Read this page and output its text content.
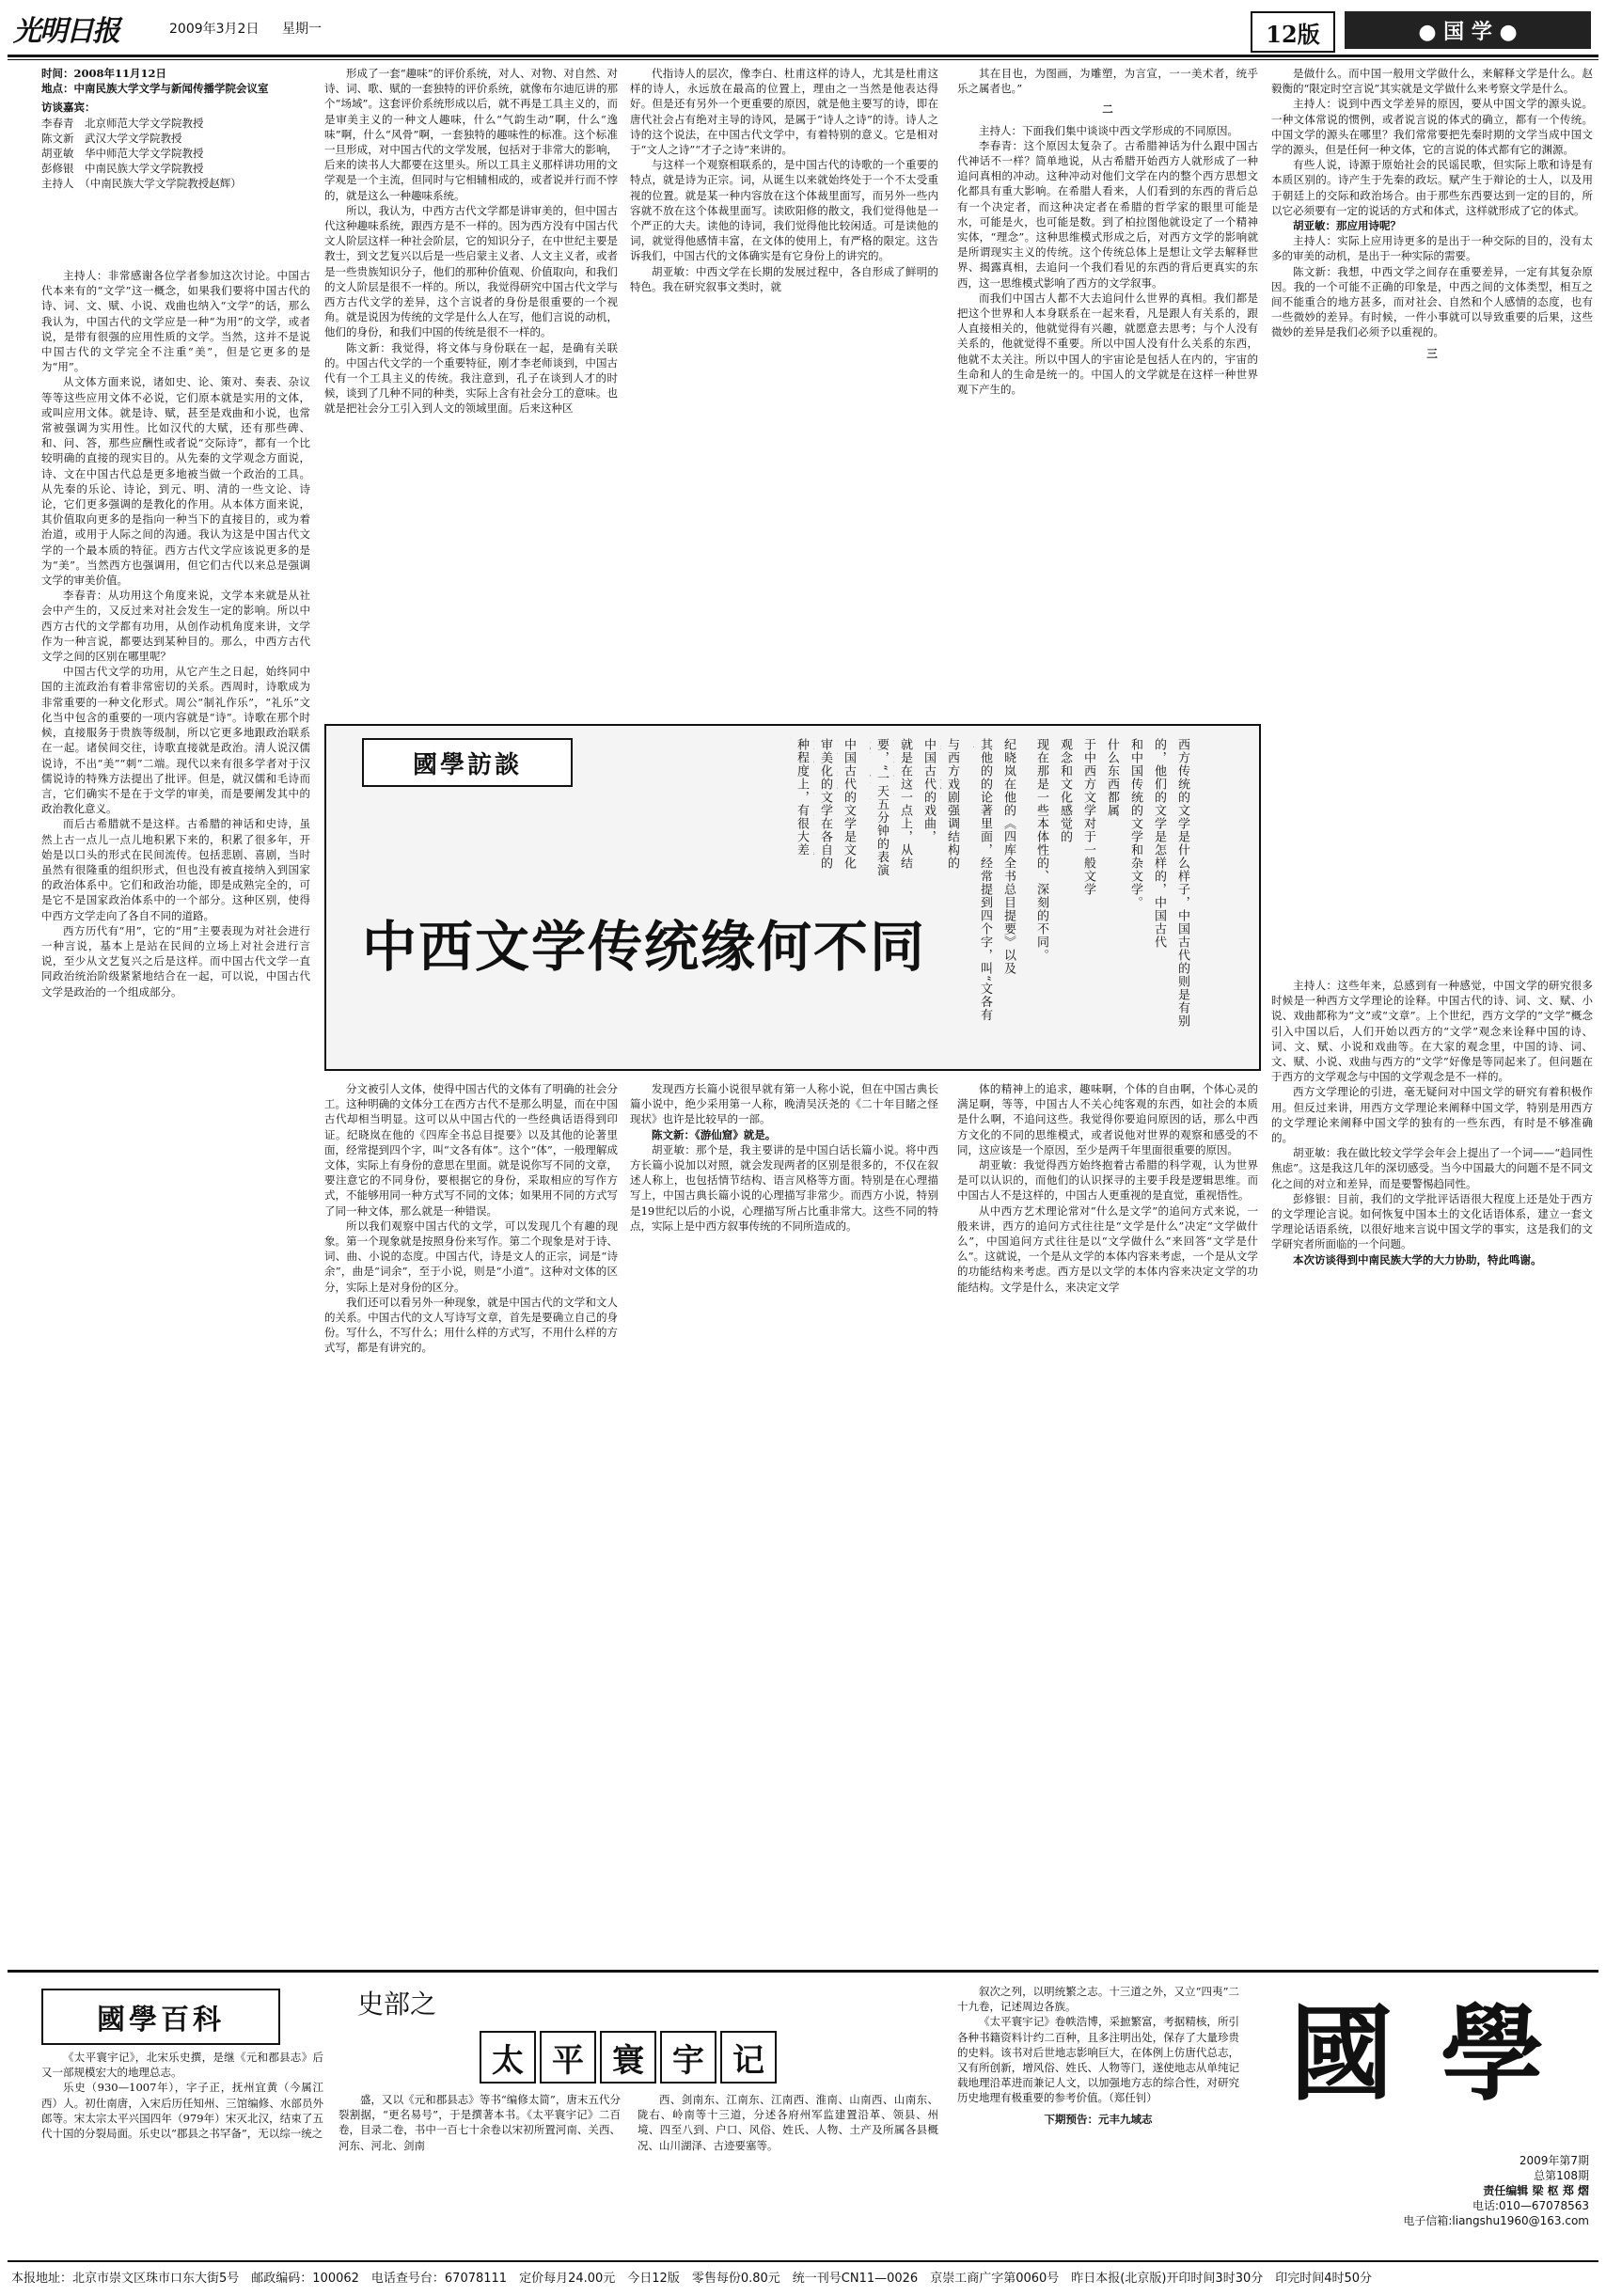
光明日报	2009年3月2日 星期一	12版	● 国 学 ●
时间：2008年11月12日
地点：中南民族大学文学与新闻传播学院会议室
访谈嘉宾：
李春青　北京师范大学文学院教授
陈文新　武汉大学文学院教授
胡亚敏　华中师范大学文学院教授
彭修银　中南民族大学文学院教授
主持人　（中南民族大学文学院教授赵辉）

主持人：非常感谢各位学者参加这次讨论。中国古代本来有的“文学”这一概念，如果我们要将中国古代的诗、词、文、赋、小说、戏曲也纳入“文学”的话，那么我认为，中国古代的文学应是一种“为用”的文学，或者说，是带有很强的应用性质的文学。当然，这并不是说中国古代的文学完全不注重“美”，但是它更多的是为“用”。

从文体方面来说，诸如史、论、策对、奏表、杂议等等这些应用文体不必说，它们原本就是实用的文体，或叫应用文体。就是诗、赋，甚至是戏曲和小说，也常常被强调为实用性。比如汉代的大赋，还有那些碑、和、问、答，那些应酬性或者说“交际诗”，都有一个比较明确的直接的现实目的。从先秦的文学观念方面说，诗、文在中国古代总是更多地被当做一个政治的工具。从先秦的乐论、诗论，到元、明、清的一些文论、诗论，它们更多强调的是教化的作用。从本体方面来说，其价值取向更多的是指向一种当下的直接目的，或为着治道，或用于人际之间的沟通。我认为这是中国古代文学的一个最本质的特征。西方古代文学应该说更多的是为“美”。当然西方也强调用，但它们古代以来总是强调文学的审美价值。

李春青：从功用这个角度来说，文学本来就是从社会中产生的，又反过来对社会发生一定的影响。所以中西方古代的文学都有功用，从创作动机角度来讲，文学作为一种言说，都要达到某种目的。那么，中西方古代文学之间的区别在哪里呢？

中国古代文学的功用，从它产生之日起，始终同中国的主流政治有着非常密切的关系。西周时，诗歌成为非常重要的一种文化形式。周公“制礼作乐”，“礼乐”文化当中包含的重要的一项内容就是“诗”。诗歌在那个时候，直接服务于贵族等级制，所以它更多地跟政治联系在一起。诸侯间交往，诗歌直接就是政治。清人说汉儒说诗，不出“美”“刺”二端。现代以来有很多学者对于汉儒说诗的特殊方法提出了批评。但是，就汉儒和毛诗而言，它们确实不是在于文学的审美，而是要阐发其中的政治教化意义。

而后古希腊就不是这样。古希腊的神话和史诗，虽然上古一点儿一点儿地积累下来的，积累了很多年，开始是以口头的形式在民间流传。包括悲剧、喜剧，当时虽然有很隆重的组织形式，但也没有被直接纳入到国家的政治体系中。它们和政治功能，即是成熟完全的，可是它不是国家政治体系中的一个部分。这种区别，使得中西方文学走向了各自不同的道路。

西方历代有“用”，它的“用”主要表现为对社会进行一种言说，基本上是站在民间的立场上对社会进行言说，至少从文艺复兴之后是这样。而中国古代文学一直同政治统治阶级紧紧地结合在一起，可以说，中国古代文学是政治的一个组成部分。

形成了一套“趣味”的评价系统，对人、对物、对自然、对诗、词、歌、赋的一套独特的评价系统，就像布尔迪厄讲的那个“场域”。这套评价系统形成以后，就不再是工具主义的，而是审美主义的一种文人趣味，什么“气韵生动”啊，什么“逸味”啊，什么“风骨”啊，一套独特的趣味性的标准。这个标准一旦形成，对中国古代的文学发展，包括对于非常大的影响，后来的读书人大都要在这里头。所以工具主义那样讲功用的文学观是一个主流，但同时与它相辅相成的，或者说并行而不悖的，就是这么一种趣味系统。

所以，我认为，中西方古代文学都是讲审美的，但中国古代这种趣味系统，跟西方是不一样的。因为西方没有中国古代文人阶层这样一种社会阶层，它的知识分子，在中世纪主要是教士，到文艺复兴以后是一些启蒙主义者、人文主义者，或者是一些贵族知识分子，他们的那种价值观、价值取向，和我们的文人阶层是很不一样的。所以，我觉得研究中国古代文学与西方古代文学的差异，这个言说者的身份是很重要的一个视角。就是说因为传统的文学是什么人在写，他们言说的动机，他们的身份，和我们中国的传统是很不一样的。

陈文新：我觉得，将文体与身份联在一起，是确有关联的。中国古代文学的一个重要特征，刚才李老师谈到，中国古代有一个工具主义的传统。我注意到，孔子在谈到人才的时候，谈到了几种不同的种类，实际上含有社会分工的意味。也就是把社会分工引入到人文的领域里面。后来这种区

代指诗人的层次，像李白、杜甫这样的诗人，尤其是杜甫这样的诗人，永远放在最高的位置上，理由之一当然是他表达得好。但是还有另外一个更重要的原因，就是他主要写的诗，即在唐代社会占有绝对主导的诗风，是属于“诗人之诗”的诗。诗人之诗的这个说法，在中国古代文学中，有着特别的意义。它是相对于“文人之诗”“才子之诗”来讲的。

与这样一个观察相联系的，是中国古代的诗歌的一个重要的特点，就是诗为正宗。词，从诞生以来就始终处于一个不太受重视的位置。就是某一种内容放在这个体裁里面写，而另外一些内容就不放在这个体裁里面写。读欧阳修的散文，我们觉得他是一个严正的大夫。读他的诗词，我们觉得他比较闲适。可是读他的词，就觉得他感情丰富，在文体的使用上，有严格的限定。这告诉我们，中国古代的文体确实是有它身份上的讲究的。

胡亚敏：中西文学在长期的发展过程中，各自形成了鲜明的特色。我在研究叙事文类时，就

其在目也，为图画，为雕塑，为言宣，一一美术者，统乎乐之属者也。”

二

主持人：下面我们集中谈谈中西文学形成的不同原因。

李春青：这个原因太复杂了。古希腊神话为什么跟中国古代神话不一样？简单地说，从古希腊开始西方人就形成了一种追问真相的冲动。这种冲动对他们文学在内的整个西方思想文化都具有重大影响。在希腊人看来，人们看到的东西的背后总有一个决定者，而这种决定者在希腊的哲学家的眼里可能是水，可能是火，也可能是数。到了柏拉图他就设定了一个精神实体，“理念”。这种思维模式形成之后，对西方文学的影响就是所谓现实主义的传统。这个传统总体上是想让文学去解释世界、揭露真相，去追问一个我们看见的东西的背后更真实的东西，这一思维模式影响了西方的文学叙事。

而我们中国古人都不大去追问什么世界的真相。我们都是把这个世界和人本身联系在一起来看，凡是跟人有关系的，跟人直接相关的，他就觉得有兴趣，就愿意去思考；与个人没有关系的，他就觉得不重要。所以中国人没有什么关系的东西，他就不太关注。所以中国人的宇宙论是包括人在内的，宇宙的生命和人的生命是统一的。中国人的文学就是在这样一种世界观下产生的。

是做什么。而中国一般用文学做什么，来解释文学是什么。赵毅衡的“限定时空言说”其实就是文学做什么来考察文学是什么。

主持人：说到中西文学差异的原因，要从中国文学的源头说。一种文体常说的惯例，或者说言说的体式的确立，都有一个传统。中国文学的源头在哪里？我们常常要把先秦时期的文学当成中国文学的源头，但是任何一种文体，它的言说的体式都有它的渊源。

有些人说，诗源于原始社会的民谣民歌，但实际上歌和诗是有本质区别的。诗产生于先秦的政坛。赋产生于辩论的士人，以及用于朝廷上的交际和政治场合。由于那些东西要达到一定的目的，所以它必须要有一定的说话的方式和体式，这样就形成了它的体式。

胡亚敏：那应用诗呢？

主持人：实际上应用诗更多的是出于一种交际的目的，没有太多的审美的动机，是出于一种实际的需要。

陈文新：我想，中西文学之间存在重要差异，一定有其复杂原因。我的一个可能不正确的印象是，中西之间的文体类型，相互之间不能重合的地方甚多，而对社会、自然和个人感情的态度，也有一些微妙的差异。有时候，一件小事就可以导致重要的后果，这些微妙的差异是我们必须予以重视的。

三

主持人：这些年来，总感到有一种感觉，中国文学的研究很多时候是一种西方文学理论的诠释。中国古代的诗、词、文、赋、小说、戏曲都称为“文”或“文章”。上个世纪，西方文学的“文学”概念引入中国以后，人们开始以西方的“文学”观念来诠释中国的诗、词、文、赋、小说和戏曲等。在大家的观念里，中国的诗、词、文、赋、小说、戏曲与西方的“文学”好像是等同起来了。但问题在于西方的文学观念与中国的文学观念是不一样的。

西方文学理论的引进，毫无疑问对中国文学的研究有着积极作用。但反过来讲，用西方文学理论来阐释中国文学，特别是用西方的文学理论来阐释中国文学的独有的一些东西，有时是不够准确的。

胡亚敏：我在做比较文学学会年会上提出了一个词——“趋同性焦虑”。这是我这几年的深切感受。当今中国最大的问题不是不同文化之间的对立和差异，而是要警惕趋同性。

彭修银：目前，我们的文学批评话语很大程度上还是处于西方的文学理论言说。如何恢复中国本土的文化话语体系，建立一套文学理论话语系统，以很好地来言说中国文学的事实，这是我们的文学研究者所面临的一个问题。

本次访谈得到中南民族大学的大力协助，特此鸣谢。

國學訪談
中西文学传统缘何不同	西方传统的文学是什么样子，中国古代的则是有别
的，他们的文学是怎样的，中国古代
和中国传统的文学和杂文学。
什么东西都属
于中西方文学对于一般文学
观念和文化感觉的
现在那是一些本体性的、深刻的不同。
纪晓岚在他的《四库全书总目提要》以及
其他的的论著里面，经常提到四个字，叫“文各有
与西方戏剧强调结构的
中国古代的戏曲，
就是在这一点上，从结
要，“一天五分钟的表演
中国古代的文学是文化
审美化的文学在各自的
种程度上，有很大差

分文被引人文体，使得中国古代的文体有了明确的社会分工。这种明确的文体分工在西方古代不是那么明显，而在中国古代却相当明显。这可以从中国古代的一些经典话语得到印证。纪晓岚在他的《四库全书总目提要》以及其他的论著里面，经常提到四个字，叫“文各有体”。这个“体”，一般理解成文体，实际上有身份的意思在里面。就是说你写不同的文章，要注意它的不同身份，要根据它的身份，采取相应的写作方式，不能够用同一种方式写不同的文体；如果用不同的方式写了同一种文体，那么就是一种错误。

所以我们观察中国古代的文学，可以发现几个有趣的现象。第一个现象就是按照身份来写作。第二个现象是对于诗、词、曲、小说的态度。中国古代，诗是文人的正宗，词是“诗余”，曲是“词余”，至于小说，则是“小道”。这种对文体的区分，实际上是对身份的区分。

我们还可以看另外一种现象，就是中国古代的文学和文人的关系。中国古代的文人写诗写文章，首先是要确立自己的身份。写什么，不写什么；用什么样的方式写，不用什么样的方式写，都是有讲究的。

发现西方长篇小说很早就有第一人称小说，但在中国古典长篇小说中，绝少采用第一人称，晚清吴沃尧的《二十年目睹之怪现状》也许是比较早的一部。

陈文新：《游仙窟》就是。

胡亚敏：那个是，我主要讲的是中国白话长篇小说。将中西方长篇小说加以对照，就会发现两者的区别是很多的，不仅在叙述人称上，也包括情节结构、语言风格等方面。特别是在心理描写上，中国古典长篇小说的心理描写非常少。而西方小说，特别是19世纪以后的小说，心理描写所占比重非常大。这些不同的特点，实际上是中西方叙事传统的不同所造成的。

体的精神上的追求，趣味啊，个体的自由啊，个体心灵的满足啊，等等，中国古人不关心纯客观的东西，如社会的本质是什么啊，不追问这些。我觉得你要追问原因的话，那么中西方文化的不同的思维模式，或者说他对世界的观察和感受的不同，这应该是一个原因，至少是两千年里面很重要的原因。

胡亚敏：我觉得西方始终抱着古希腊的科学观，认为世界是可以认识的，而他们的认识探寻的主要手段是逻辑思维。而中国古人不是这样的，中国古人更重视的是直觉，重视悟性。

从中西方艺术理论常对“什么是文学”的追问方式来说，一般来讲，西方的追问方式往往是“文学是什么”决定“文学做什么”，中国追问方式往往是以“文学做什么”来回答“文学是什么”。这就说，一个是从文学的本体内容来考虑，一个是从文学的功能结构来考虑。西方是以文学的本体内容来决定文学的功能结构。文学是什么，来决定文学

國學百科	史部之
太 平 寰 宇 记

《太平寰宇记》，北宋乐史撰，是继《元和郡县志》后又一部规模宏大的地理总志。

乐史（930—1007年），字子正，抚州宜黄（今属江西）人。初仕南唐，入宋后历任知州、三馆编修、水部员外郎等。宋太宗太平兴国四年（979年）宋灭北汉，结束了五代十国的分裂局面。乐史以“郡县之书罕备”，无以综一统之

盛，又以《元和郡县志》等书“编修太简”，唐末五代分裂割据，“更名易号”，于是撰著本书。《太平寰宇记》二百卷，目录二卷，书中一百七十余卷以宋初所置河南、关西、河东、河北、剑南

西、剑南东、江南东、江南西、淮南、山南西、山南东、陇右、岭南等十三道，分述各府州军监建置沿革、领县、州境、四至八到、户口、风俗、姓氏、人物、土产及所属各县概况、山川湖泽、古迹要塞等。

叙次之列，以明统繁之志。十三道之外，又立“四夷”二十九卷，记述周边各族。

《太平寰宇记》卷帙浩博，采摭繁富，考据精核，所引各种书籍资料计约二百种，且多注明出处，保存了大量珍贵的史料。该书对后世地志影响巨大，在体例上仿唐代总志，又有所创新，增风俗、姓氏、人物等门，遂使地志从单纯记载地理沿革进而兼记人文，以加强地方志的综合性，对研究历史地理有极重要的参考价值。（郑任钊）

下期预告：元丰九域志

國 學
2009年第7期
总第108期
责任编辑 梁 枢 郑 熠
电话:010—67078563
电子信箱:liangshu1960@163.com
本报地址：北京市崇文区珠市口东大街5号　邮政编码：100062　电话查号台：67078111　定价每月24.00元　今日12版　零售每份0.80元　统一刊号CN11—0026　京崇工商广字第0060号　昨日本报(北京版)开印时间3时30分　印完时间4时50分
